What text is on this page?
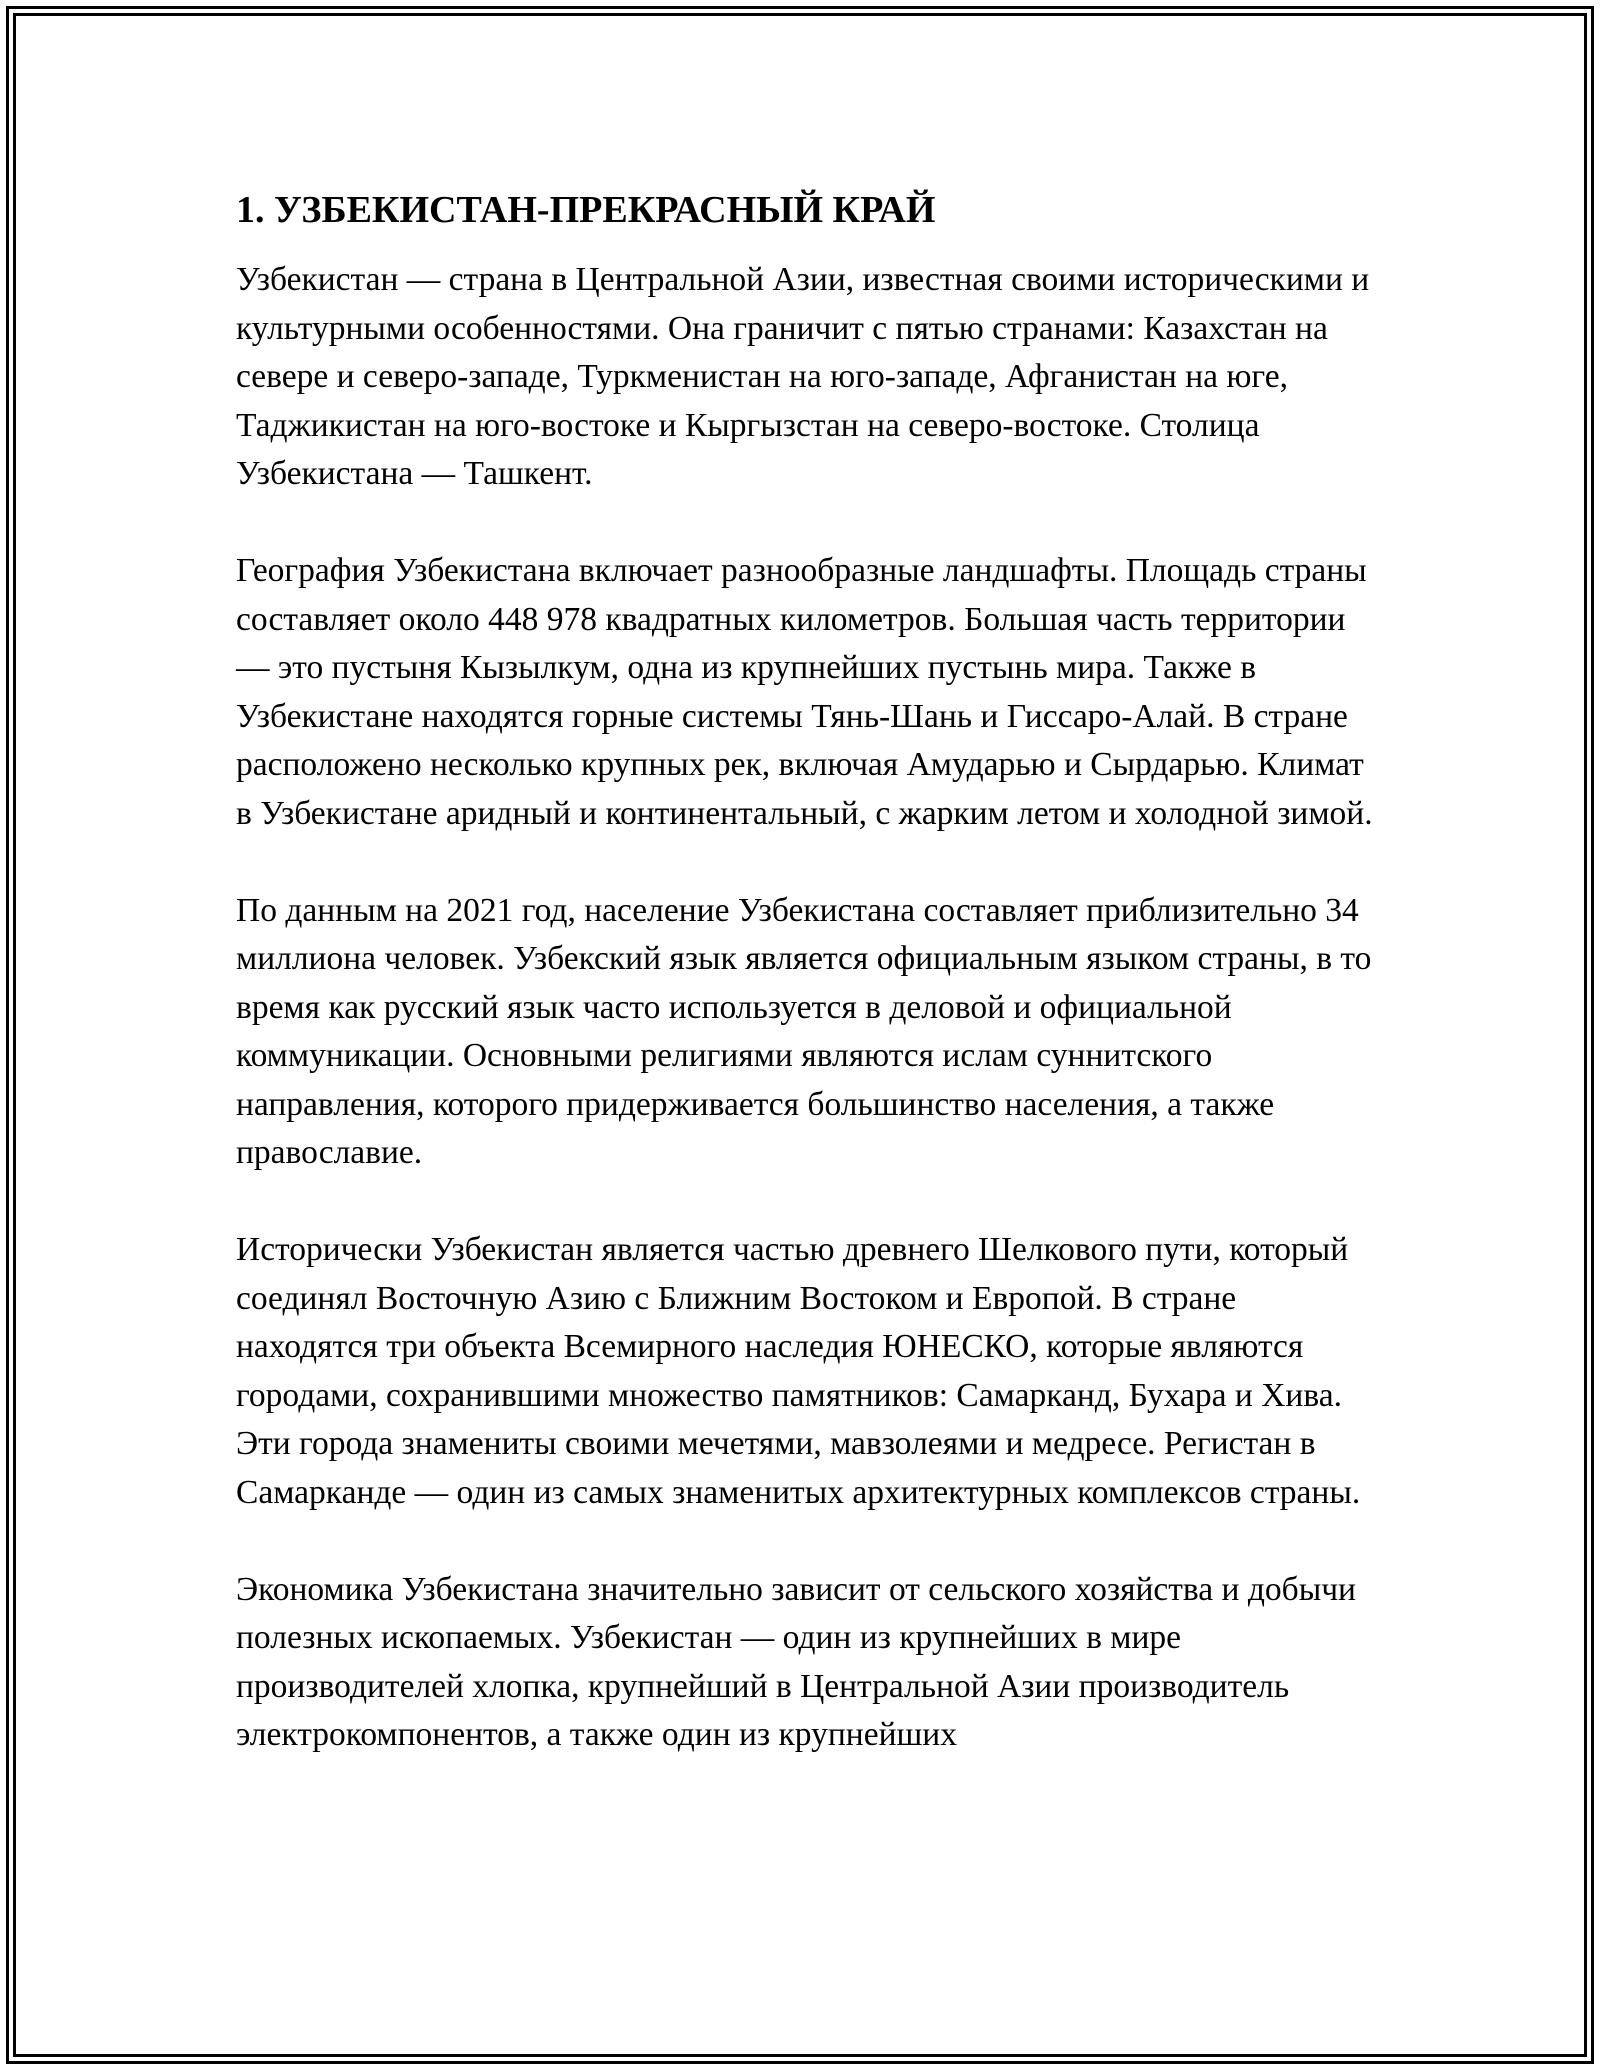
1. УЗБЕКИСТАН-ПРЕКРАСНЫЙ КРАЙ

Узбекистан — страна в Центральной Азии, известная своими историческими и культурными особенностями. Она граничит с пятью странами: Казахстан на севере и северо-западе, Туркменистан на юго-западе, Афганистан на юге, Таджикистан на юго-востоке и Кыргызстан на северо-востоке. Столица Узбекистана — Ташкент.

География Узбекистана включает разнообразные ландшафты. Площадь страны составляет около 448 978 квадратных километров. Большая часть территории — это пустыня Кызылкум, одна из крупнейших пустынь мира. Также в Узбекистане находятся горные системы Тянь-Шань и Гиссаро-Алай. В стране расположено несколько крупных рек, включая Амударью и Сырдарью. Климат в Узбекистане аридный и континентальный, с жарким летом и холодной зимой.

По данным на 2021 год, население Узбекистана составляет приблизительно 34 миллиона человек. Узбекский язык является официальным языком страны, в то время как русский язык часто используется в деловой и официальной коммуникации. Основными религиями являются ислам суннитского направления, которого придерживается большинство населения, а также православие.

Исторически Узбекистан является частью древнего Шелкового пути, который соединял Восточную Азию с Ближним Востоком и Европой. В стране находятся три объекта Всемирного наследия ЮНЕСКО, которые являются городами, сохранившими множество памятников: Самарканд, Бухара и Хива. Эти города знамениты своими мечетями, мавзолеями и медресе. Регистан в Самарканде — один из самых знаменитых архитектурных комплексов страны.

Экономика Узбекистана значительно зависит от сельского хозяйства и добычи полезных ископаемых. Узбекистан — один из крупнейших в мире производителей хлопка, крупнейший в Центральной Азии производитель электрокомпонентов, а также один из крупнейших
